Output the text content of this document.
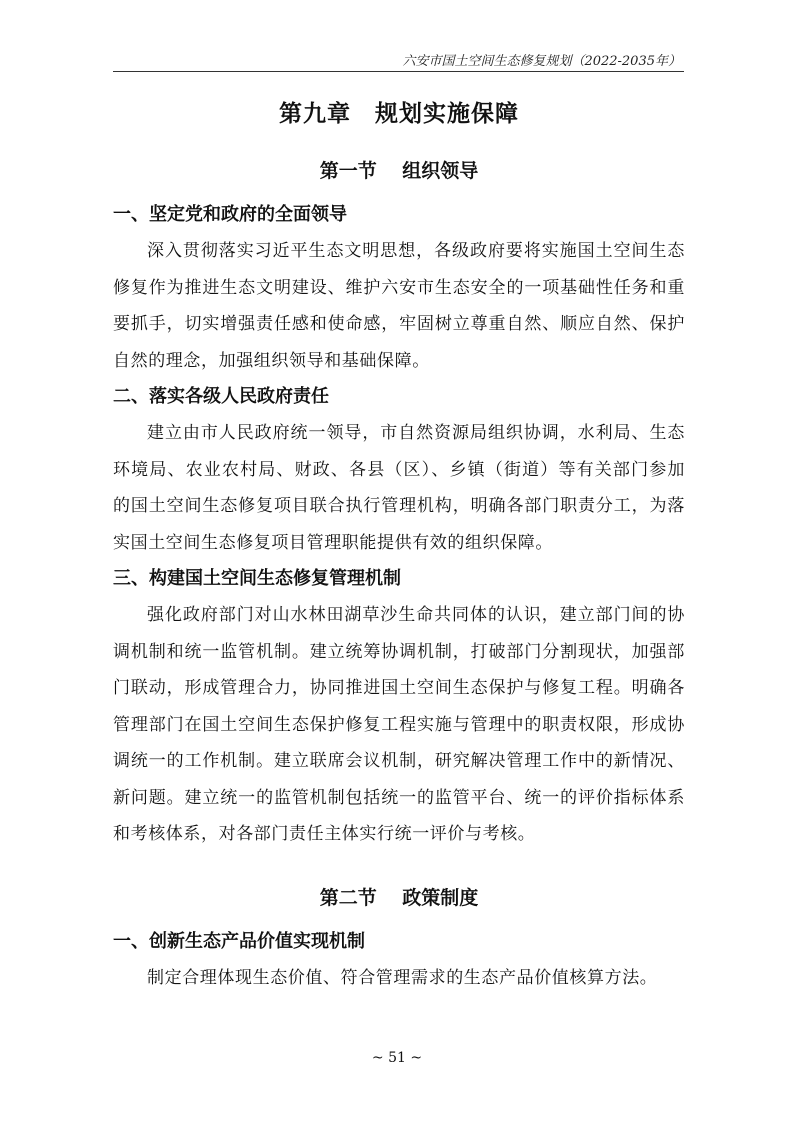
六安市国土空间生态修复规划（2022-2035年）
第九章　规划实施保障
第一节　 组织领导
一、坚定党和政府的全面领导

深入贯彻落实习近平生态文明思想，各级政府要将实施国土空间生态修复作为推进生态文明建设、维护六安市生态安全的一项基础性任务和重要抓手，切实增强责任感和使命感，牢固树立尊重自然、顺应自然、保护自然的理念，加强组织领导和基础保障。

二、落实各级人民政府责任

建立由市人民政府统一领导，市自然资源局组织协调，水利局、生态环境局、农业农村局、财政、各县（区）、乡镇（街道）等有关部门参加的国土空间生态修复项目联合执行管理机构，明确各部门职责分工，为落实国土空间生态修复项目管理职能提供有效的组织保障。

三、构建国土空间生态修复管理机制

强化政府部门对山水林田湖草沙生命共同体的认识，建立部门间的协调机制和统一监管机制。建立统筹协调机制，打破部门分割现状，加强部门联动，形成管理合力，协同推进国土空间生态保护与修复工程。明确各管理部门在国土空间生态保护修复工程实施与管理中的职责权限，形成协调统一的工作机制。建立联席会议机制，研究解决管理工作中的新情况、新问题。建立统一的监管机制包括统一的监管平台、统一的评价指标体系和考核体系，对各部门责任主体实行统一评价与考核。

第二节　 政策制度
一、创新生态产品价值实现机制

制定合理体现生态价值、符合管理需求的生态产品价值核算方法。

~ 51 ~
